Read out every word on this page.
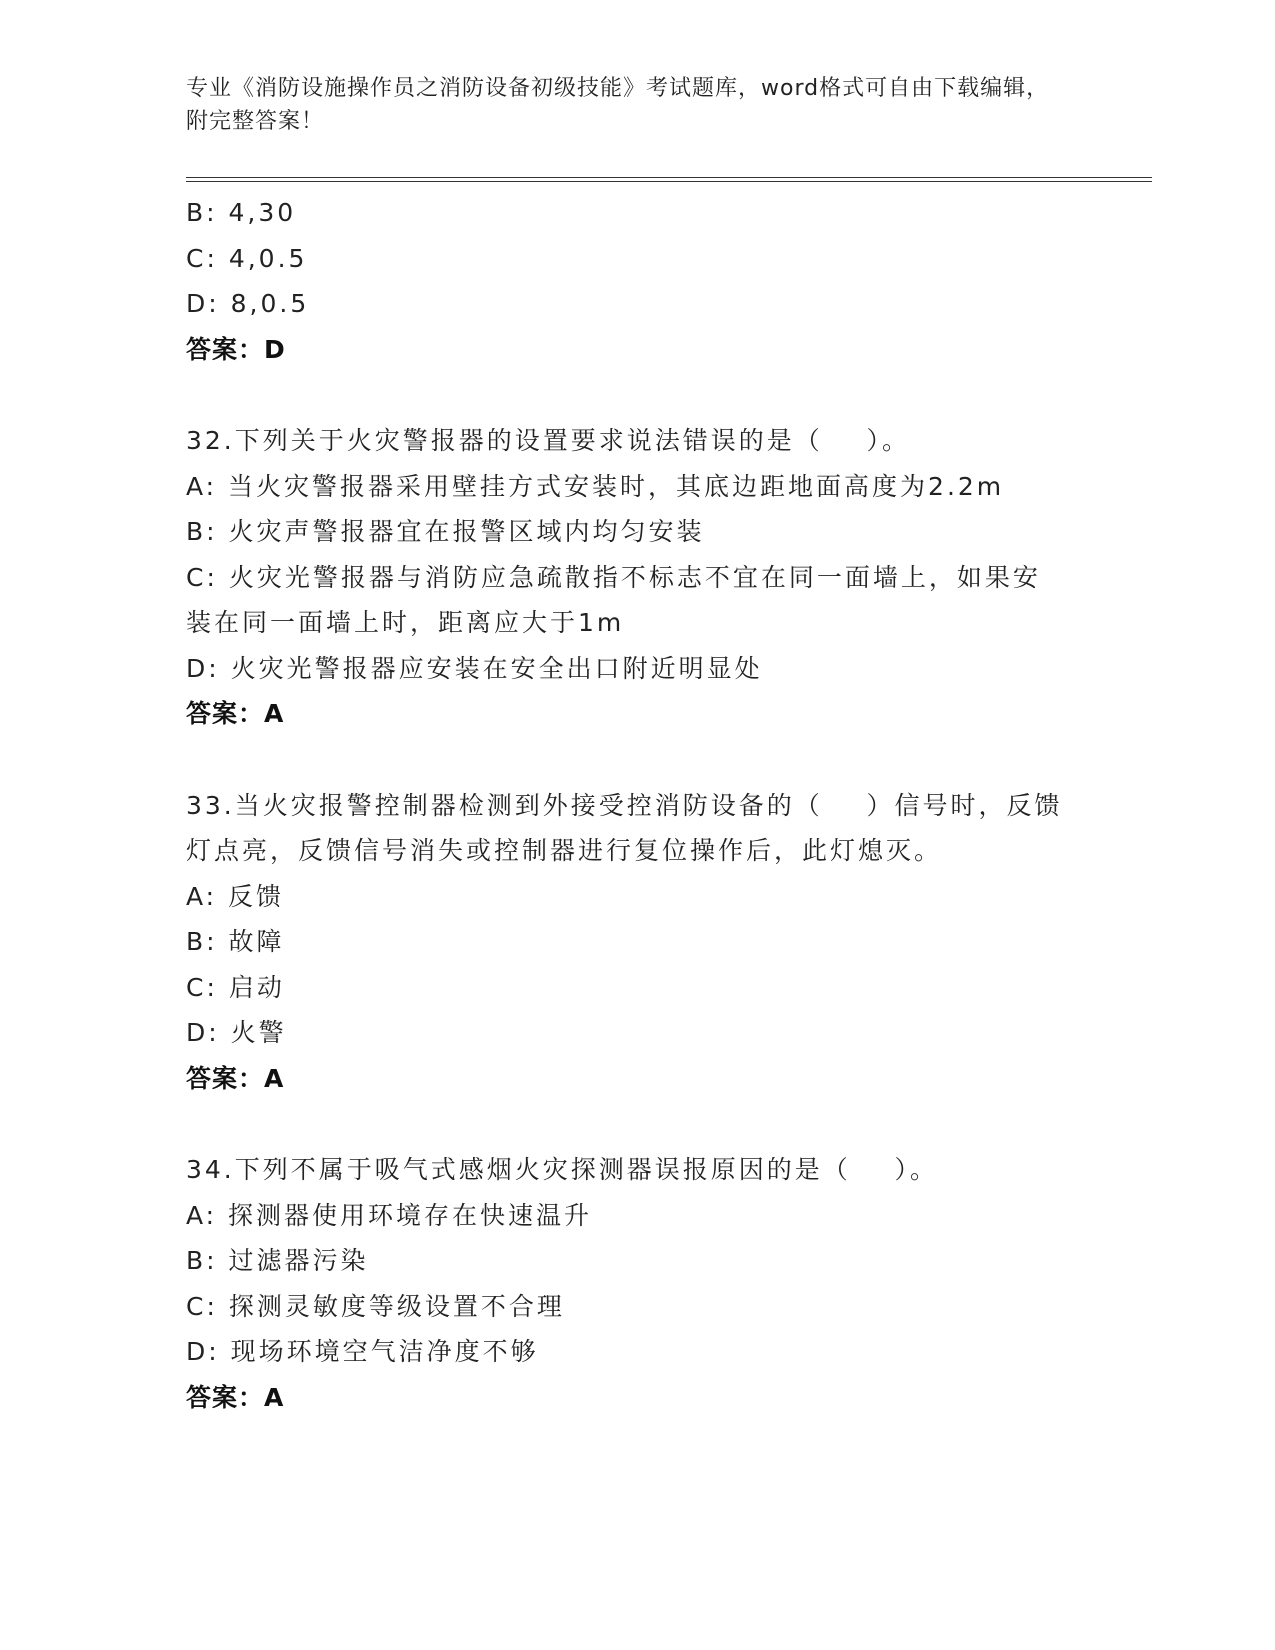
专业《消防设施操作员之消防设备初级技能》考试题库，word格式可自由下载编辑，附完整答案！
B: 4,30
C: 4,0.5
D: 8,0.5
答案：D
32.下列关于火灾警报器的设置要求说法错误的是（    ）。
A: 当火灾警报器采用壁挂方式安装时，其底边距地面高度为2.2m
B: 火灾声警报器宜在报警区域内均匀安装
C: 火灾光警报器与消防应急疏散指不标志不宜在同一面墙上，如果安
装在同一面墙上时，距离应大于1m
D: 火灾光警报器应安装在安全出口附近明显处
答案：A
33.当火灾报警控制器检测到外接受控消防设备的（    ）信号时，反馈
灯点亮，反馈信号消失或控制器进行复位操作后，此灯熄灭。
A: 反馈
B: 故障
C: 启动
D: 火警
答案：A
34.下列不属于吸气式感烟火灾探测器误报原因的是（    ）。
A: 探测器使用环境存在快速温升
B: 过滤器污染
C: 探测灵敏度等级设置不合理
D: 现场环境空气洁净度不够
答案：A
